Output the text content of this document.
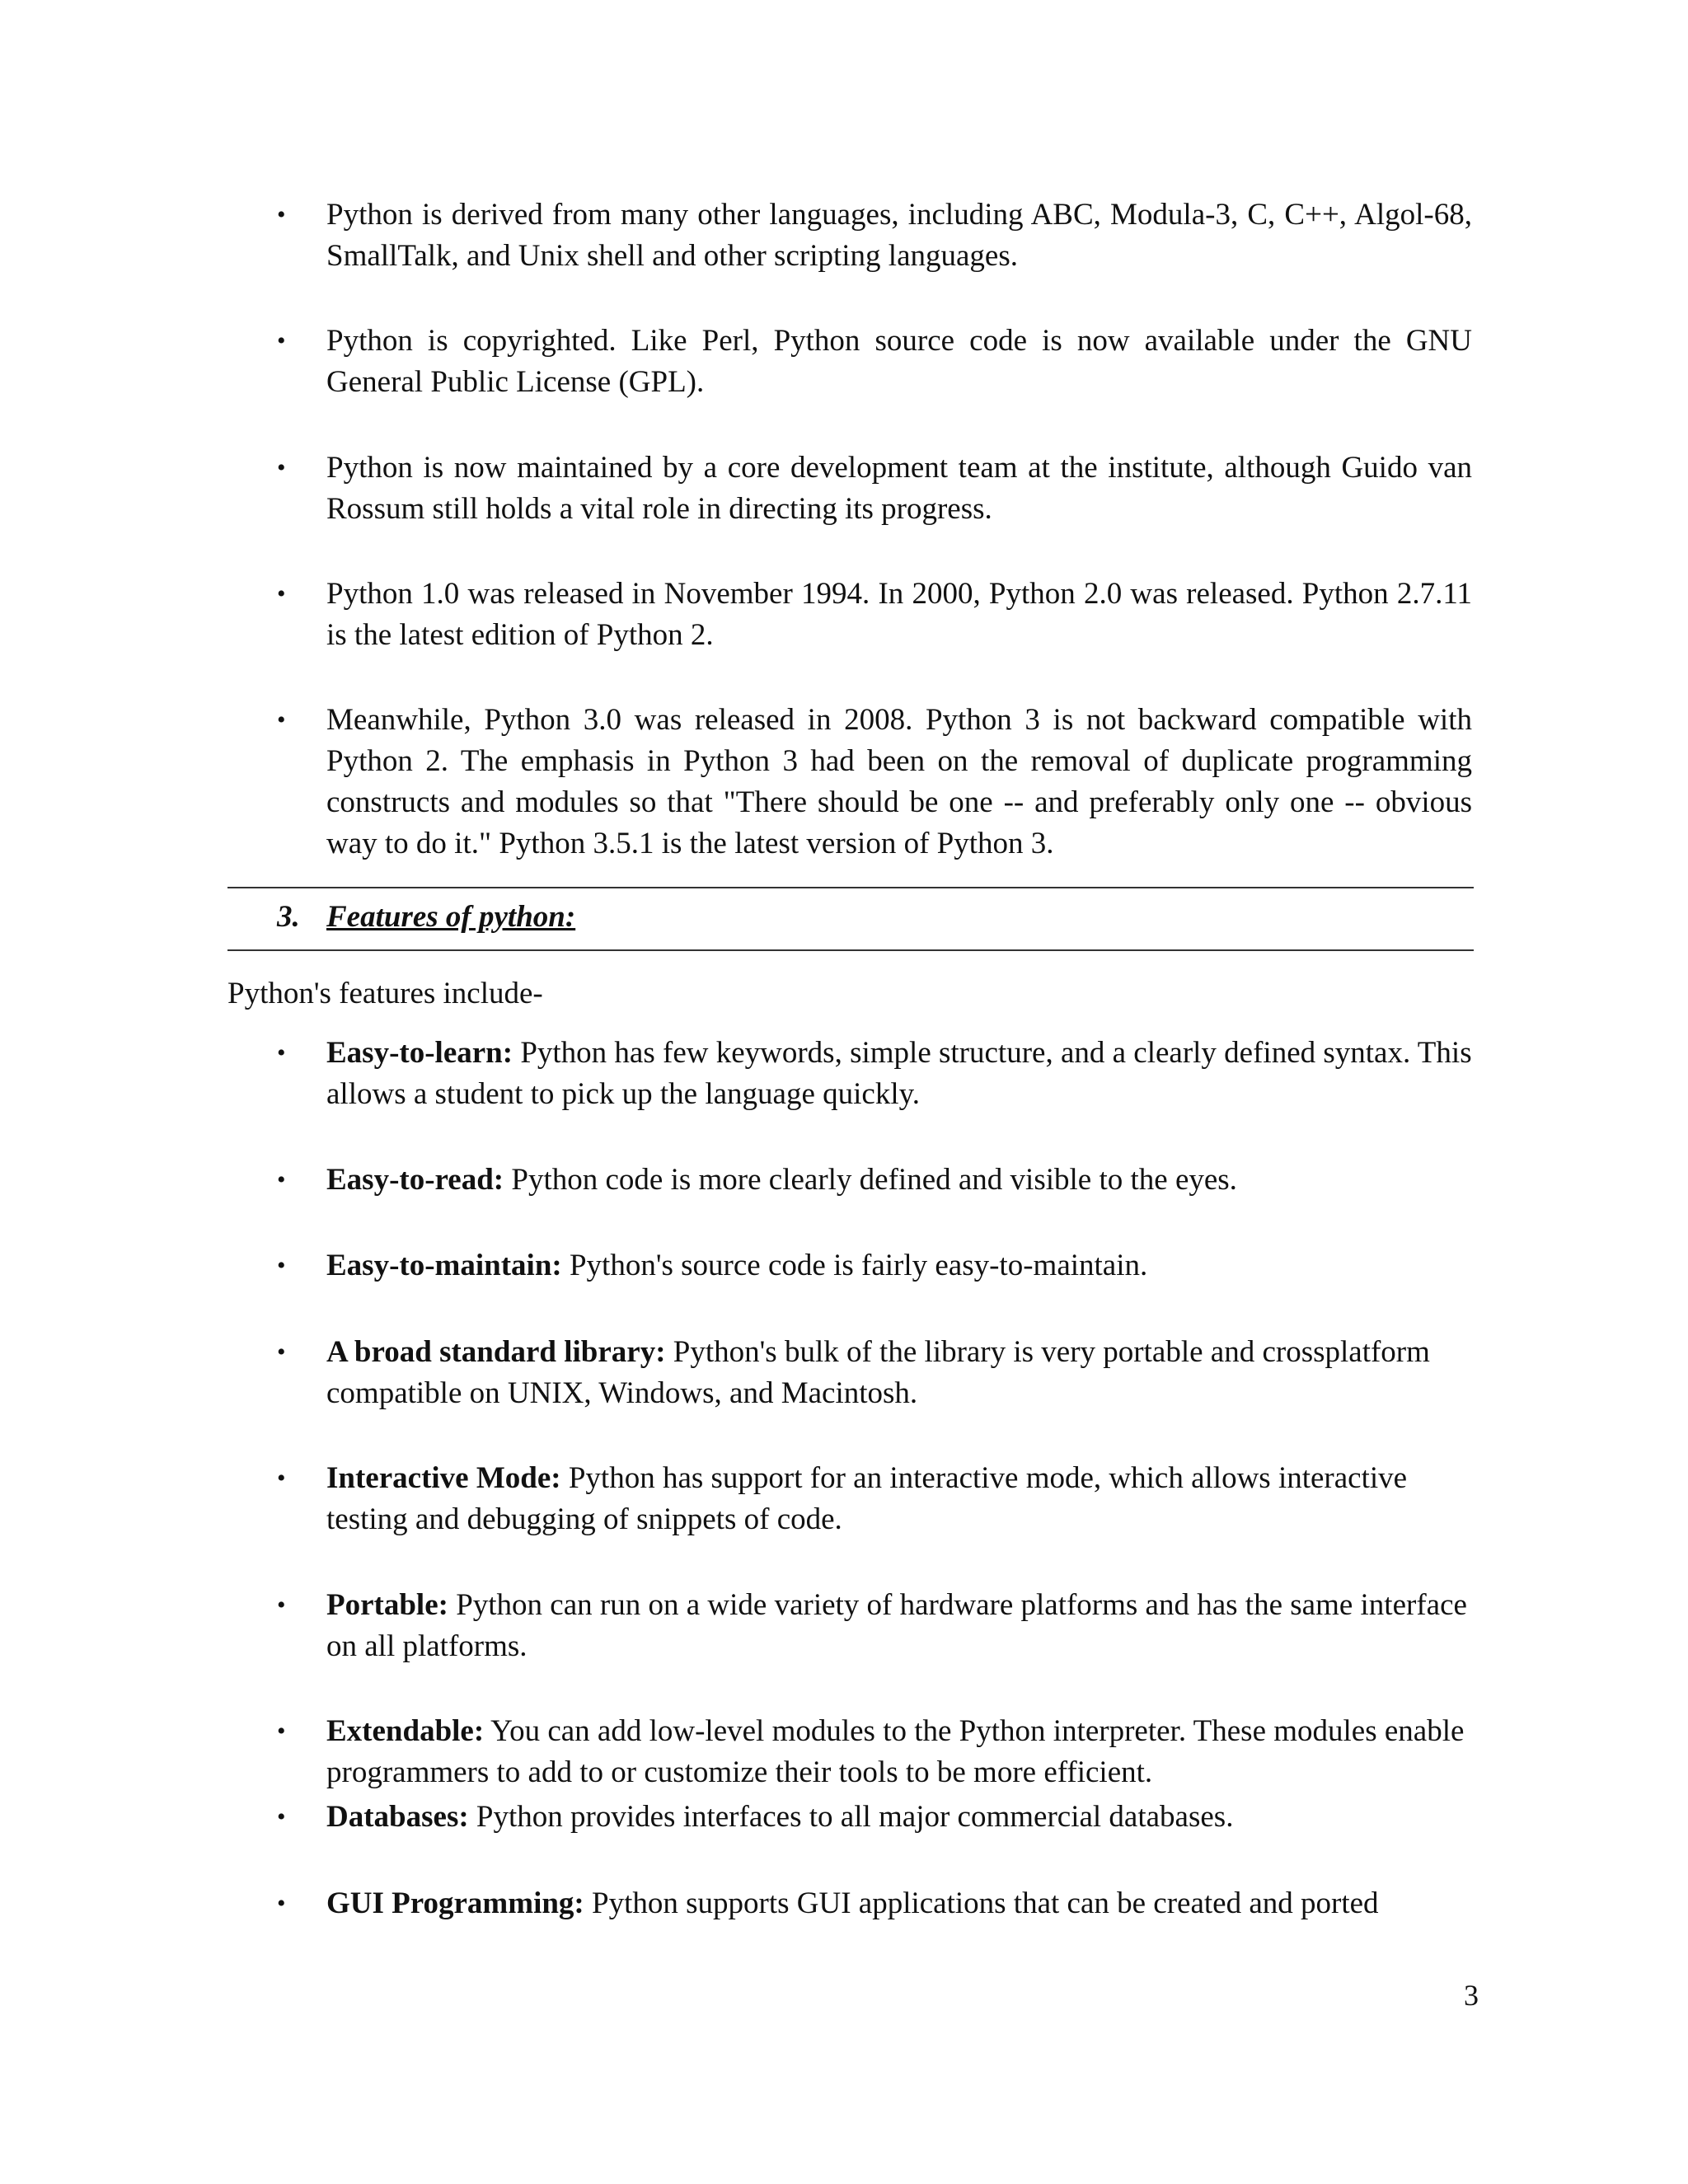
• Python is derived from many other languages, including ABC, Modula-3, C, C++, Algol-68, SmallTalk, and Unix shell and other scripting languages.
• Python is copyrighted. Like Perl, Python source code is now available under the GNU General Public License (GPL).
• Python is now maintained by a core development team at the institute, although Guido van Rossum still holds a vital role in directing its progress.
• Python 1.0 was released in November 1994. In 2000, Python 2.0 was released. Python 2.7.11 is the latest edition of Python 2.
• Meanwhile, Python 3.0 was released in 2008. Python 3 is not backward compatible with Python 2. The emphasis in Python 3 had been on the removal of duplicate programming constructs and modules so that "There should be one -- and preferably only one -- obvious way to do it." Python 3.5.1 is the latest version of Python 3.
3. Features of python:
Python's features include-
• Easy-to-learn: Python has few keywords, simple structure, and a clearly defined syntax. This allows a student to pick up the language quickly.
• Easy-to-read: Python code is more clearly defined and visible to the eyes.
• Easy-to-maintain: Python's source code is fairly easy-to-maintain.
• A broad standard library: Python's bulk of the library is very portable and crossplatform compatible on UNIX, Windows, and Macintosh.
• Interactive Mode: Python has support for an interactive mode, which allows interactive testing and debugging of snippets of code.
• Portable: Python can run on a wide variety of hardware platforms and has the same interface on all platforms.
• Extendable: You can add low-level modules to the Python interpreter. These modules enable programmers to add to or customize their tools to be more efficient.
• Databases: Python provides interfaces to all major commercial databases.
• GUI Programming: Python supports GUI applications that can be created and ported
3
